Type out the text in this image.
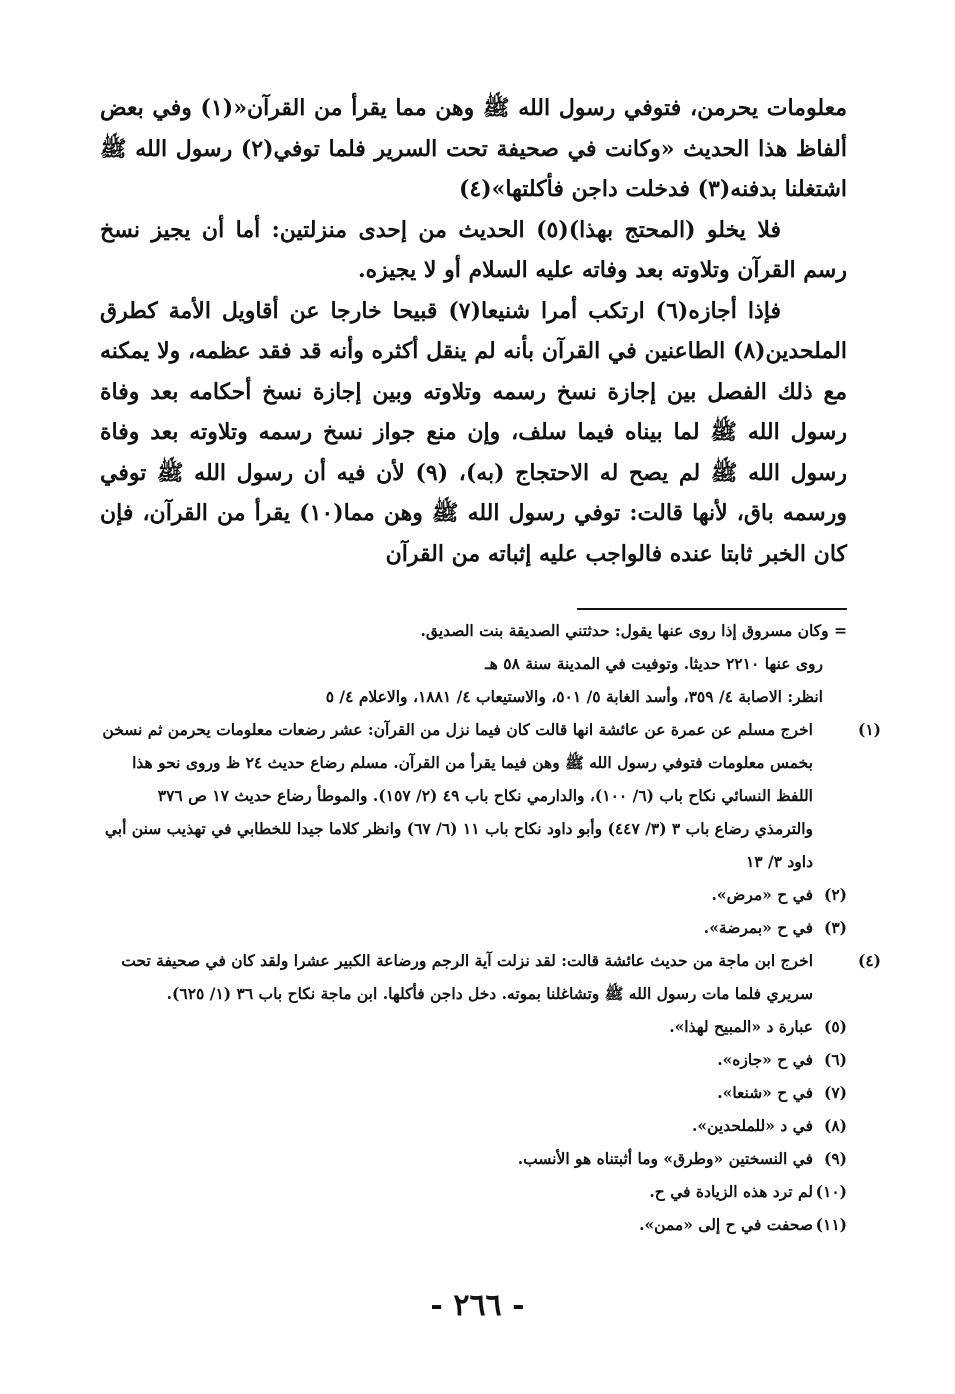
معلومات يحرمن، فتوفي رسول الله ﷺ وهن مما يقرأ من القرآن«(١) وفي بعض ألفاظ هذا الحديث «وكانت في صحيفة تحت السرير فلما توفي(٢) رسول الله ﷺ اشتغلنا بدفنه(٣) فدخلت داجن فأكلتها»(٤)

فلا يخلو (المحتج بهذا)(٥) الحديث من إحدى منزلتين: أما أن يجيز نسخ رسم القرآن وتلاوته بعد وفاته عليه السلام أو لا يجيزه.

فإذا أجازه(٦) ارتكب أمرا شنيعا(٧) قبيحا خارجا عن أقاويل الأمة كطرق الملحدين(٨) الطاعنين في القرآن بأنه لم ينقل أكثره وأنه قد فقد عظمه، ولا يمكنه مع ذلك الفصل بين إجازة نسخ رسمه وتلاوته وبين إجازة نسخ أحكامه بعد وفاة رسول الله ﷺ لما بيناه فيما سلف، وإن منع جواز نسخ رسمه وتلاوته بعد وفاة رسول الله ﷺ لم يصح له الاحتجاج (به)، (٩) لأن فيه أن رسول الله ﷺ توفي ورسمه باق، لأنها قالت: توفي رسول الله ﷺ وهن مما(١٠) يقرأ من القرآن، فإن كان الخبر ثابتا عنده فالواجب عليه إثباته من القرآن

= وكان مسروق إذا روى عنها يقول: حدثتني الصديقة بنت الصديق.

روى عنها ٢٢١٠ حديثا. وتوفيت في المدينة سنة ٥٨ هـ

انظر: الاصابة ٤/ ٣٥٩، وأسد الغابة ٥/ ٥٠١، والاستيعاب ٤/ ١٨٨١، والاعلام ٤/ ٥

(١)اخرج مسلم عن عمرة عن عائشة انها قالت كان فيما نزل من القرآن: عشر رضعات معلومات يحرمن ثم نسخن بخمس معلومات فتوفي رسول الله ﷺ وهن فيما يقرأ من القرآن. مسلم رضاع حديث ٢٤ ظ وروى نحو هذا اللفظ النسائي نكاح باب (٦/ ١٠٠)، والدارمي نكاح باب ٤٩ (٢/ ١٥٧). والموطأ رضاع حديث ١٧ ص ٣٧٦ والترمذي رضاع باب ٣ (٣/ ٤٤٧) وأبو داود نكاح باب ١١ (٦/ ٦٧) وانظر كلاما جيدا للخطابي في تهذيب سنن أبي داود ٣/ ١٣

(٢)في ح «مرض».

(٣)في ح «بمرضة».

(٤)اخرج ابن ماجة من حديث عائشة قالت: لقد نزلت آية الرجم ورضاعة الكبير عشرا ولقد كان في صحيفة تحت سريري فلما مات رسول الله ﷺ وتشاغلنا بموته. دخل داجن فأكلها. ابن ماجة نكاح باب ٣٦ (١/ ٦٢٥).

(٥)عبارة د «المبيح لهذا».

(٦)في ح «جازه».

(٧)في ح «شنعا».

(٨)في د «للملحدين».

(٩)في النسختين «وطرق» وما أثبتناه هو الأنسب.

(١٠)لم ترد هذه الزيادة في ح.

(١١)صحفت في ح إلى «ممن».

- ٢٦٦ -
